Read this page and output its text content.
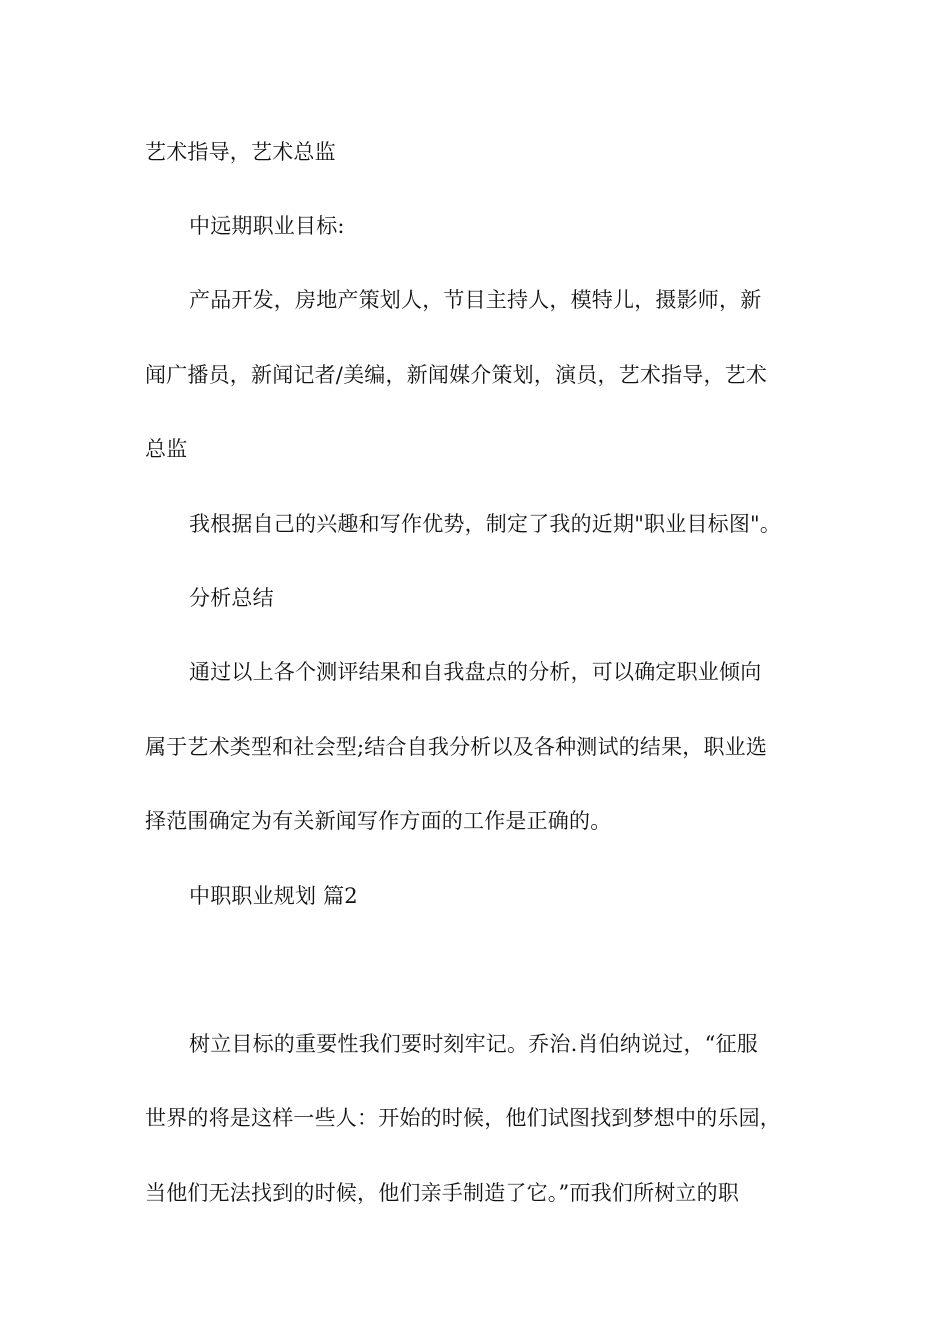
艺术指导，艺术总监

中远期职业目标:

产品开发，房地产策划人，节目主持人，模特儿，摄影师，新

闻广播员，新闻记者/美编，新闻媒介策划，演员，艺术指导，艺术

总监

我根据自己的兴趣和写作优势，制定了我的近期"职业目标图"。

分析总结

通过以上各个测评结果和自我盘点的分析，可以确定职业倾向

属于艺术类型和社会型;结合自我分析以及各种测试的结果，职业选

择范围确定为有关新闻写作方面的工作是正确的。

中职职业规划 篇2

树立目标的重要性我们要时刻牢记。乔治.肖伯纳说过，“征服

世界的将是这样一些人：开始的时候，他们试图找到梦想中的乐园，

当他们无法找到的时候，他们亲手制造了它。”而我们所树立的职
